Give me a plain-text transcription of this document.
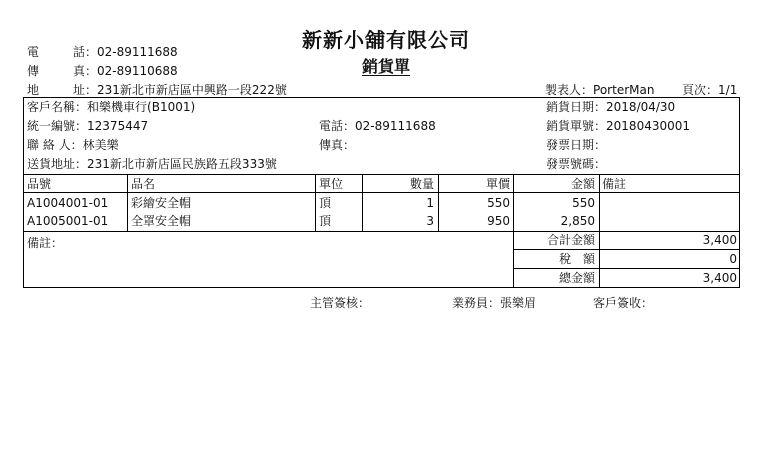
新新小舖有限公司
銷貨單
電　話：02-89111688
傳　真：02-89110688
地　址：231新北市新店區中興路一段222號	製表人：PorterMan 頁次：1/1
客戶名稱：和樂機車行(B1001)
統一編號：12375447
聯 絡 人：林美樂
送貨地址：231新北市新店區民族路五段333號
電話：02-89111688
傳真：
銷貨日期：2018/04/30
銷貨單號：20180430001
發票日期：
發票號碼：
品號	品名	單位	數量	單價	金額 備註
A1004001-01 彩繪安全帽	頂	1	550	550
A1005001-01 全罩安全帽	頂	3	950	2,850
備註：	合計金額	3,400
稅　額	0
總金額	3,400
主管簽核：	業務員：張樂眉	客戶簽收：
